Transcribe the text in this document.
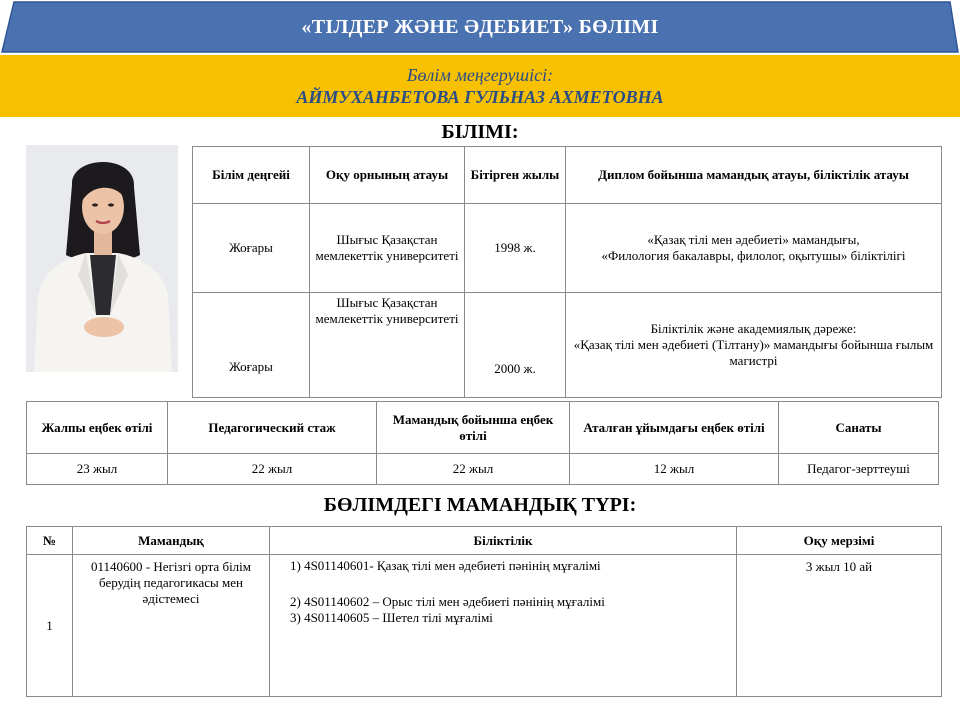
«ТІЛДЕР ЖӘНЕ ӘДЕБИЕТ» БӨЛІМІ
Бөлім меңгерушісі:
АЙМУХАНБЕТОВА ГУЛЬНАЗ АХМЕТОВНА
БІЛІМІ:
Білім деңгейі	Оқу орнының атауы	Бітірген жылы	Диплом бойынша мамандық атауы, біліктілік атауы
Жоғары	Шығыс Қазақстан мемлекеттік университеті	1998 ж.	«Қазақ тілі мен әдебиеті» мамандығы,
«Филология бакалавры, филолог, оқытушы» біліктілігі

Жоғары	Шығыс Қазақстан мемлекеттік университеті	2000 ж.	Біліктілік және академиялық дәреже:
«Қазақ тілі мен әдебиеті (Тілтану)» мамандығы бойынша ғылым магистрі
Жалпы еңбек өтілі	Педагогический стаж	Мамандық бойынша еңбек өтілі	Аталған ұйымдағы еңбек өтілі	Санаты
23 жыл	22 жыл	22 жыл	12 жыл	Педагог-зерттеуші
БӨЛІМДЕГІ МАМАНДЫҚ ТҮРІ:
№	Мамандық	Біліктілік	Оқу мерзімі
1	01140600 - Негізгі орта білім берудің педагогикасы мен әдістемесі	1) 4S01140601- Қазақ тілі мен әдебиеті пәнінің мұғалімі
2) 4S01140602 – Орыс тілі мен әдебиеті пәнінің мұғалімі
3) 4S01140605 – Шетел тілі мұғалімі	3 жыл 10 ай
